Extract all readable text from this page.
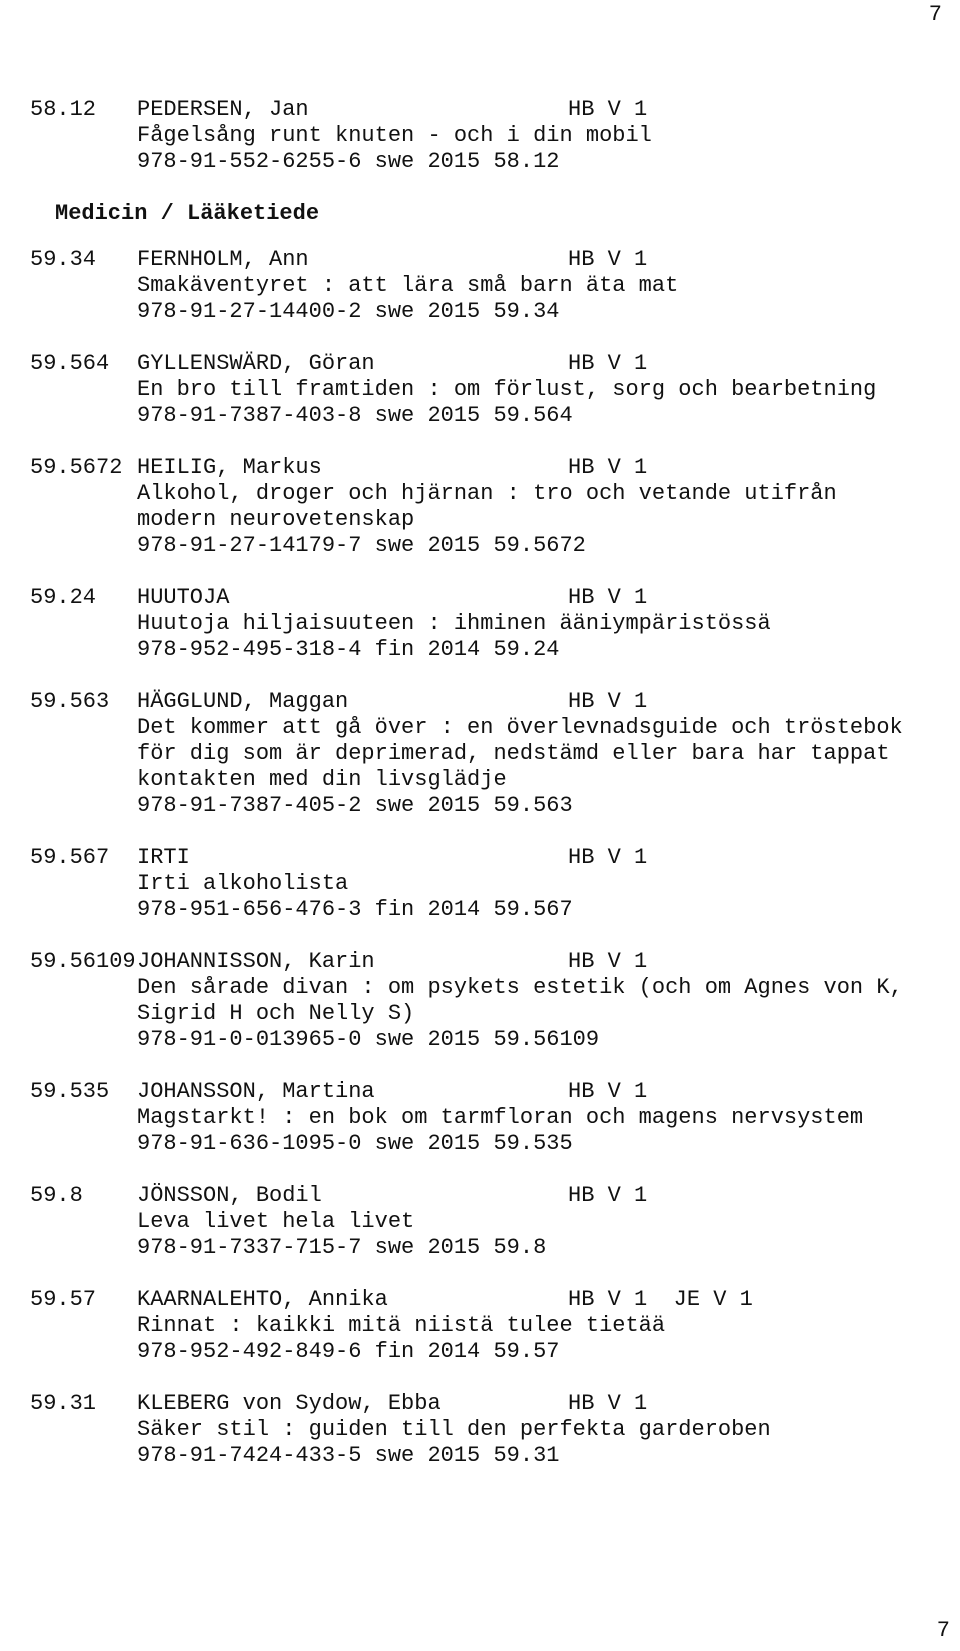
7
58.12 PEDERSEN, Jan	HB V 1
Fågelsång runt knuten - och i din mobil
978-91-552-6255-6 swe 2015 58.12
Medicin / Lääketiede
59.34 FERNHOLM, Ann	HB V 1
Smakäventyret : att lära små barn äta mat
978-91-27-14400-2 swe 2015 59.34
59.564 GYLLENSWÄRD, Göran	HB V 1
En bro till framtiden : om förlust, sorg och bearbetning
978-91-7387-403-8 swe 2015 59.564
59.5672 HEILIG, Markus	HB V 1
Alkohol, droger och hjärnan : tro och vetande utifrån
modern neurovetenskap
978-91-27-14179-7 swe 2015 59.5672
59.24 HUUTOJA	HB V 1
Huutoja hiljaisuuteen : ihminen ääniympäristössä
978-952-495-318-4 fin 2014 59.24
59.563 HÄGGLUND, Maggan	HB V 1
Det kommer att gå över : en överlevnadsguide och tröstebok
för dig som är deprimerad, nedstämd eller bara har tappat
kontakten med din livsglädje
978-91-7387-405-2 swe 2015 59.563
59.567 IRTI	HB V 1
Irti alkoholista
978-951-656-476-3 fin 2014 59.567
59.56109 JOHANNISSON, Karin	HB V 1
Den sårade divan : om psykets estetik (och om Agnes von K,
Sigrid H och Nelly S)
978-91-0-013965-0 swe 2015 59.56109
59.535 JOHANSSON, Martina	HB V 1
Magstarkt! : en bok om tarmfloran och magens nervsystem
978-91-636-1095-0 swe 2015 59.535
59.8 JÖNSSON, Bodil	HB V 1
Leva livet hela livet
978-91-7337-715-7 swe 2015 59.8
59.57 KAARNALEHTO, Annika	HB V 1  JE V 1
Rinnat : kaikki mitä niistä tulee tietää
978-952-492-849-6 fin 2014 59.57
59.31 KLEBERG von Sydow, Ebba	HB V 1
Säker stil : guiden till den perfekta garderoben
978-91-7424-433-5 swe 2015 59.31
7
